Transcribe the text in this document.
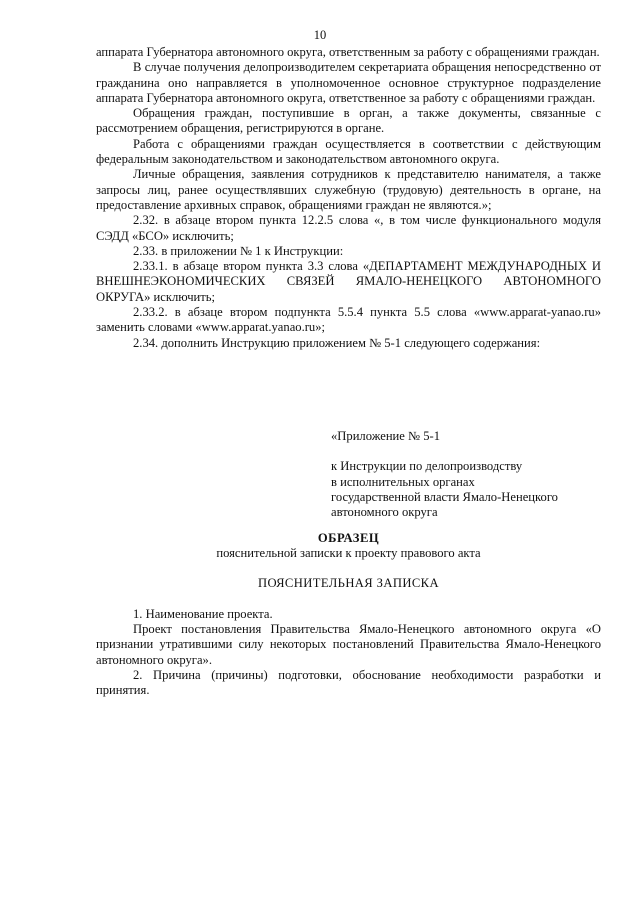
10

аппарата Губернатора автономного округа, ответственным за работу с обращениями граждан.

В случае получения делопроизводителем секретариата обращения непосредственно от гражданина оно направляется в уполномоченное основное структурное подразделение аппарата Губернатора автономного округа, ответственное за работу с обращениями граждан.

Обращения граждан, поступившие в орган, а также документы, связанные с рассмотрением обращения, регистрируются в органе.

Работа с обращениями граждан осуществляется в соответствии с действующим федеральным законодательством и законодательством автономного округа.

Личные обращения, заявления сотрудников к представителю нанимателя, а также запросы лиц, ранее осуществлявших служебную (трудовую) деятельность в органе, на предоставление архивных справок, обращениями граждан не являются.»;

2.32. в абзаце втором пункта 12.2.5 слова «, в том числе функционального модуля СЭДД «БСО» исключить;

2.33. в приложении № 1 к Инструкции:

2.33.1. в абзаце втором пункта 3.3 слова «ДЕПАРТАМЕНТ МЕЖДУНАРОДНЫХ И ВНЕШНЕЭКОНОМИЧЕСКИХ СВЯЗЕЙ ЯМАЛО-НЕНЕЦКОГО АВТОНОМНОГО ОКРУГА» исключить;

2.33.2. в абзаце втором подпункта 5.5.4 пункта 5.5 слова «www.apparat-yanao.ru» заменить словами «www.apparat.yanao.ru»;

2.34. дополнить Инструкцию приложением № 5-1 следующего содержания:

«Приложение № 5-1

к Инструкции по делопроизводству

в исполнительных органах

государственной власти Ямало-Ненецкого

автономного округа

ОБРАЗЕЦ
пояснительной записки к проекту правового акта
ПОЯСНИТЕЛЬНАЯ ЗАПИСКА

1. Наименование проекта.

Проект постановления Правительства Ямало-Ненецкого автономного округа «О признании утратившими силу некоторых постановлений Правительства Ямало-Ненецкого автономного округа».

2. Причина (причины) подготовки, обоснование необходимости разработки и принятия.
